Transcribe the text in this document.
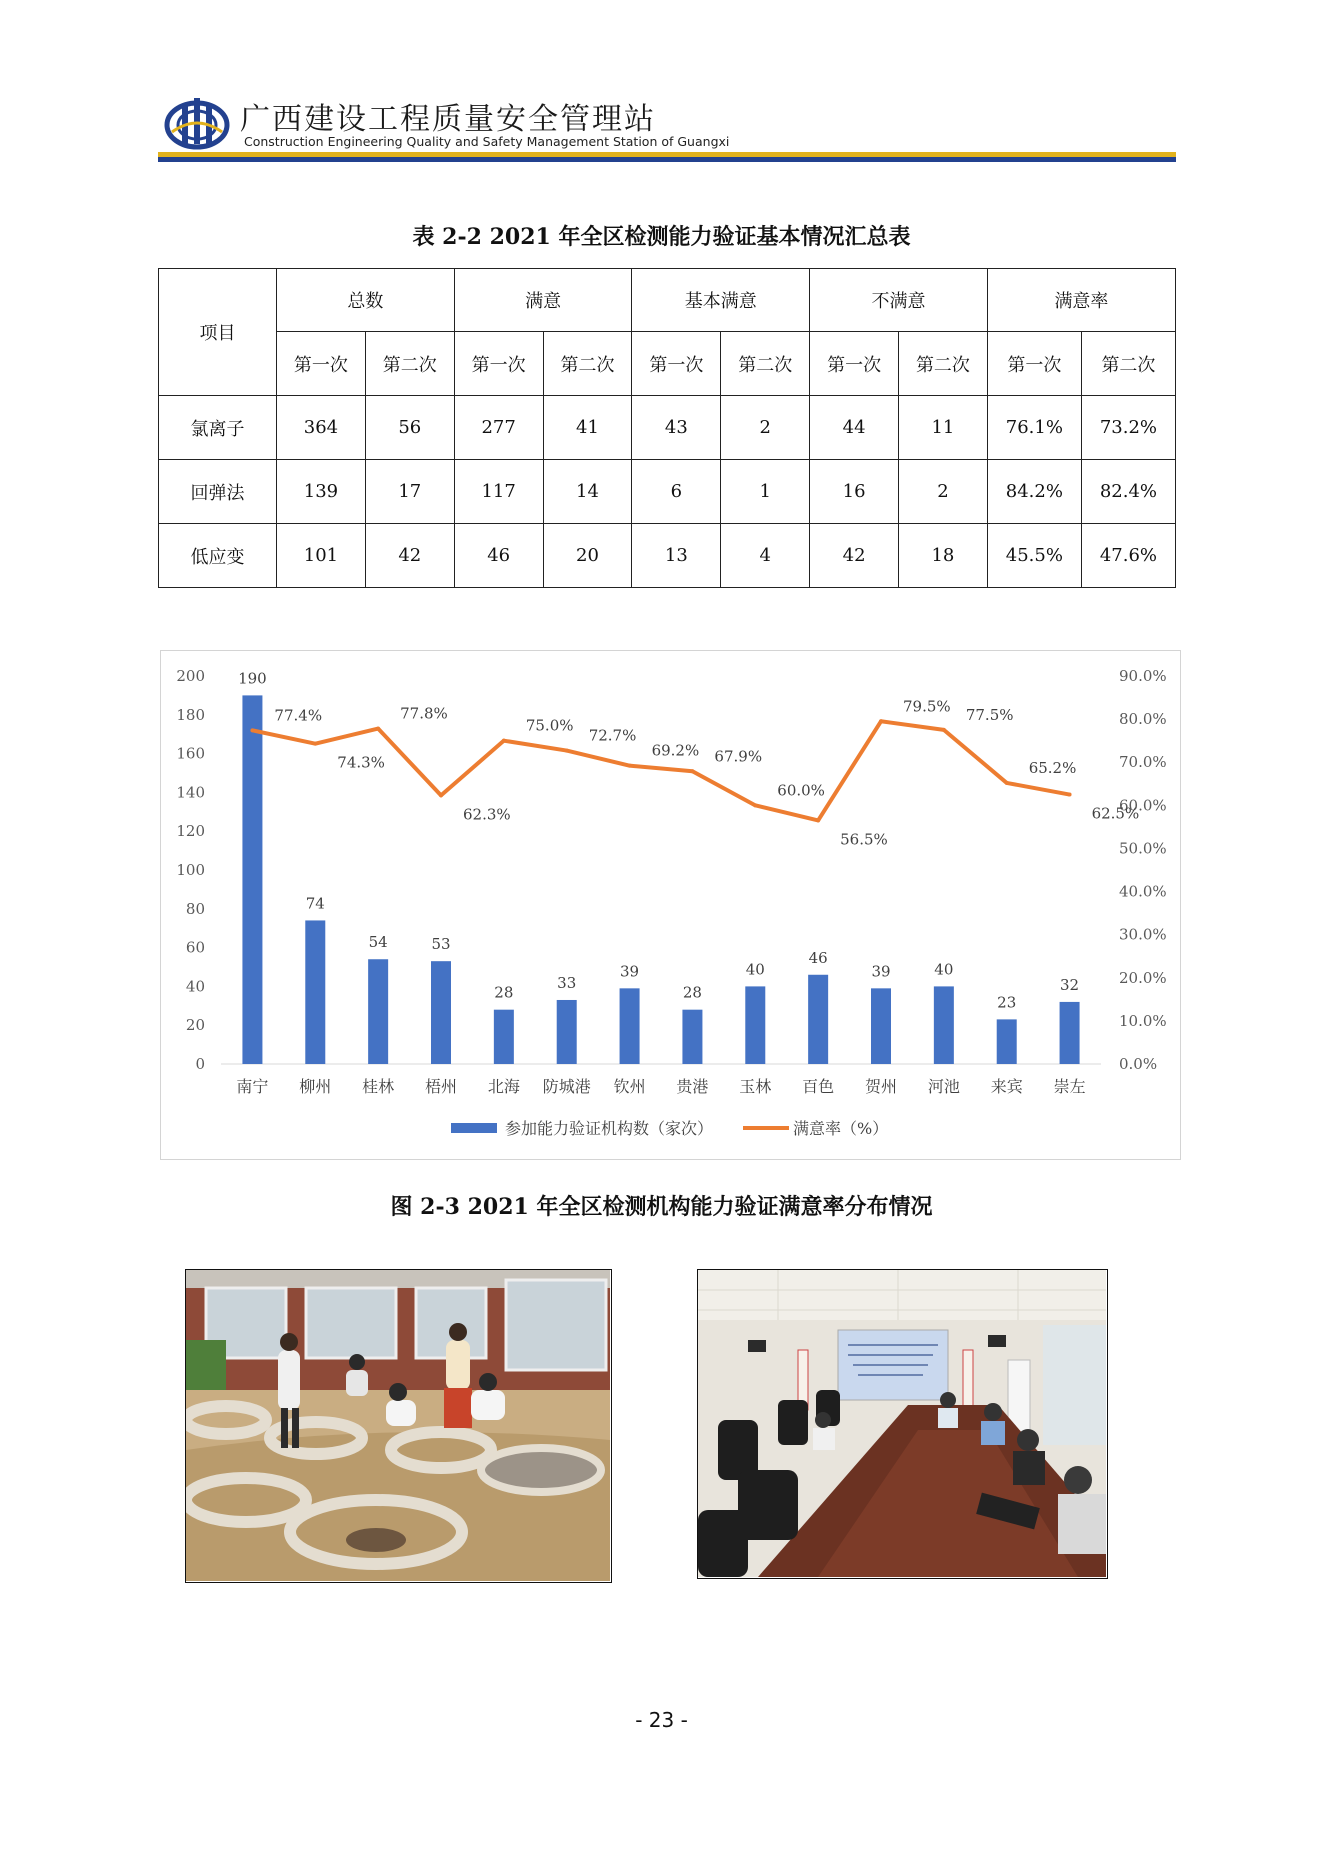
广西建设工程质量安全管理站
Construction Engineering Quality and Safety Management Station of Guangxi
表 2-2 2021 年全区检测能力验证基本情况汇总表
项目	总数		满意		基本满意		不满意		满意率	
	第一次	第二次	第一次	第二次	第一次	第二次	第一次	第二次	第一次	第二次
氯离子	364	56	277	41	43	2	44	11	76.1%	73.2%
回弹法	139	17	117	14	6	1	16	2	84.2%	82.4%
低应变	101	42	46	20	13	4	42	18	45.5%	47.6%
0
20
40
60
80
100
120
140
160
180
200
0.0%
10.0%
20.0%
30.0%
40.0%
50.0%
60.0%
70.0%
80.0%
90.0%
190
74
54	53
28
33
39
28
40
46
39	40
23
32
77.4%
74.3%
77.8%
62.3%
75.0%
72.7%
69.2% 67.9%
60.0%
56.5%
79.5% 77.5%
65.2%
62.5%
南宁 柳州 桂林 梧州 北海 防城港 钦州 贵港 玉林 百色 贺州 河池 来宾 崇左
参加能力验证机构数（家次）	满意率（%）
图 2-3 2021 年全区检测机构能力验证满意率分布情况
- 23 -
